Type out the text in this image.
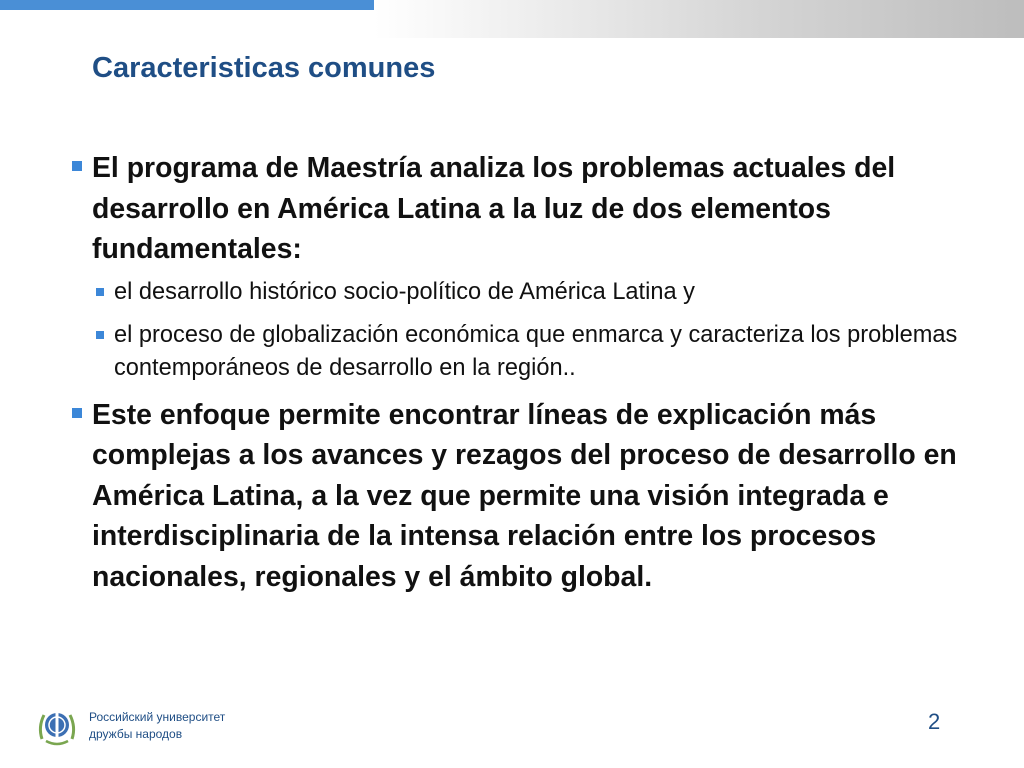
Caracteristicas comunes
El programa de Maestría analiza los problemas actuales del desarrollo en América Latina a la luz de dos elementos fundamentales:
el desarrollo histórico socio-político de América Latina y
el proceso de globalización económica que enmarca y caracteriza los problemas contemporáneos de desarrollo en la región..
Este enfoque permite encontrar líneas de explicación más complejas a los avances y rezagos del proceso de desarrollo en América Latina, a la vez que permite una visión integrada e interdisciplinaria de la intensa relación entre los procesos nacionales, regionales y el ámbito global.
Российский университет
дружбы народов	2
